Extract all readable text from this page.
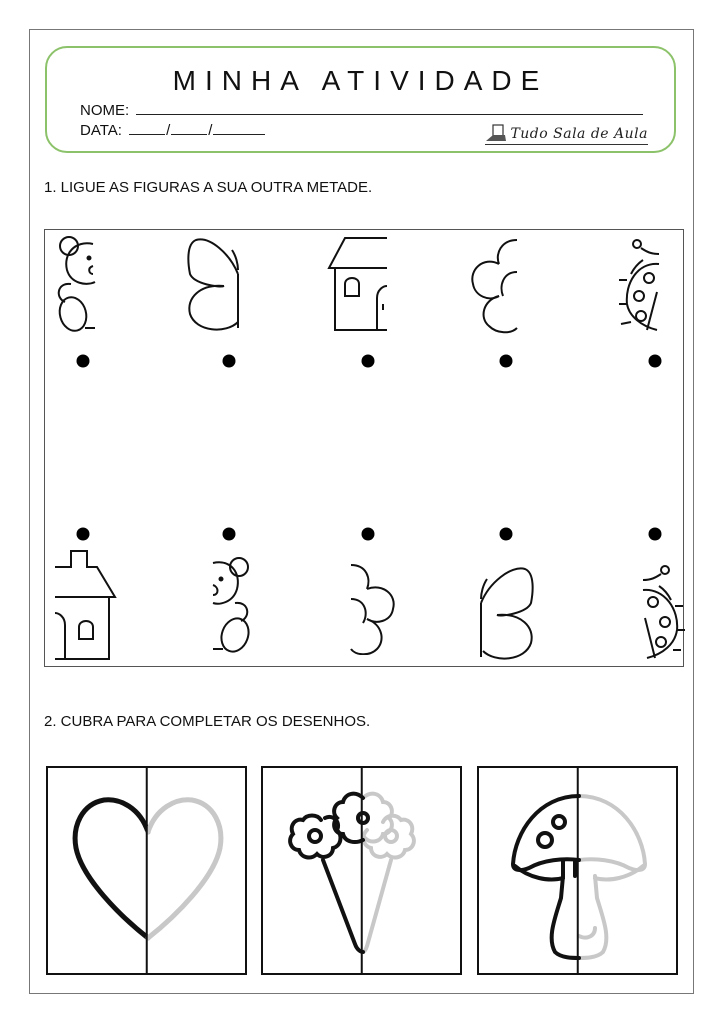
MINHA ATIVIDADE
NOME:
DATA:	/	/	Tudo Sala de Aula
1. LIGUE AS FIGURAS A SUA OUTRA METADE.
2. CUBRA PARA COMPLETAR OS DESENHOS.
